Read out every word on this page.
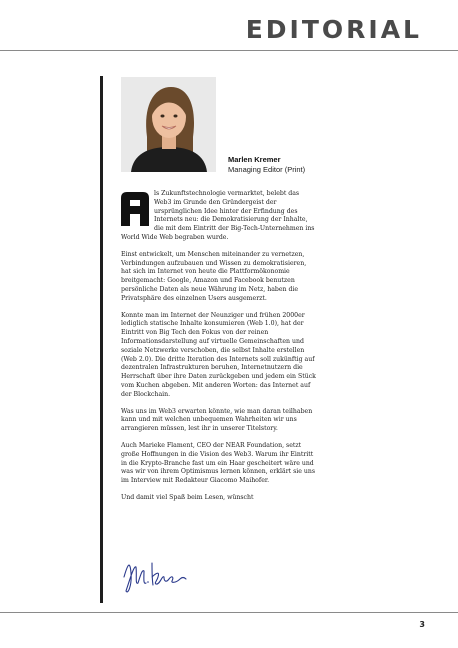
EDITORIAL
Marlen Kremer
Managing Editor (Print)

ls Zukunftstechnologie vermarktet, belebt das Web3 im Grunde den Gründergeist der ursprünglichen Idee hinter der Erfindung des Internets neu: die Demokratisierung der Inhalte, die mit dem Eintritt der Big-Tech-Unternehmen ins World Wide Web begraben wurde.

Einst entwickelt, um Menschen miteinander zu vernetzen, Verbindungen aufzubauen und Wissen zu demokratisieren, hat sich im Internet von heute die Plattformökonomie breitgemacht: Google, Amazon und Facebook benutzen persönliche Daten als neue Währung im Netz, haben die Privatsphäre des einzelnen Users ausgemerzt.

Konnte man im Internet der Neunziger und frühen 2000er lediglich statische Inhalte konsumieren (Web 1.0), hat der Eintritt von Big Tech den Fokus von der reinen Informationsdarstellung auf virtuelle Gemeinschaften und soziale Netzwerke verschoben, die selbst Inhalte erstellen (Web 2.0). Die dritte Iteration des Internets soll zukünftig auf dezentralen Infrastrukturen beruhen, Internetnutzern die Herrschaft über ihre Daten zurückgeben und jedem ein Stück vom Kuchen abgeben. Mit anderen Worten: das Internet auf der Blockchain.

Was uns im Web3 erwarten könnte, wie man daran teilhaben kann und mit welchen unbequemen Wahrheiten wir uns arrangieren müssen, lest ihr in unserer Titelstory.

Auch Marieke Flament, CEO der NEAR Foundation, setzt große Hoffnungen in die Vision des Web3. Warum ihr Eintritt in die Krypto-Branche fast um ein Haar gescheitert wäre und was wir von ihrem Optimismus lernen können, erklärt sie uns im Interview mit Redakteur Giacomo Maihofer.

Und damit viel Spaß beim Lesen, wünscht

3
